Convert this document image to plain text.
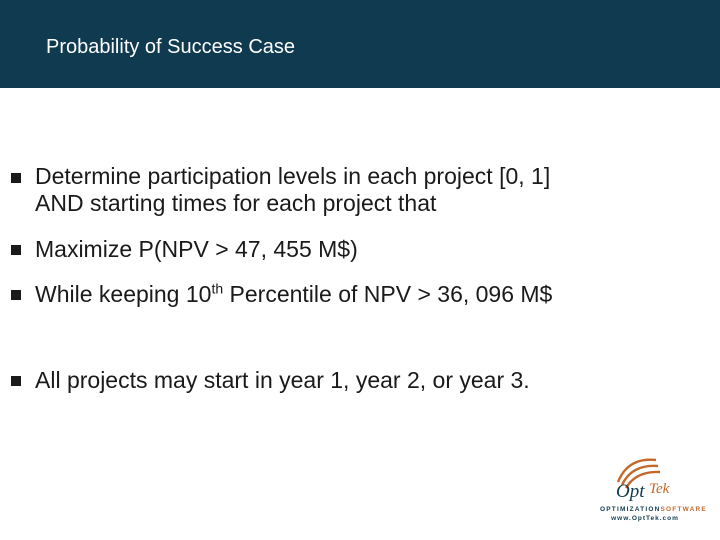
Probability of Success Case
Determine participation levels in each project [0, 1]
AND starting times for each project that
Maximize P(NPV > 47, 455 M$)
While keeping 10th Percentile of NPV > 36, 096 M$
All projects may start in year 1, year 2, or year 3.
Opt Tek
OPTIMIZATIONSOFTWARE
www.OptTek.com
